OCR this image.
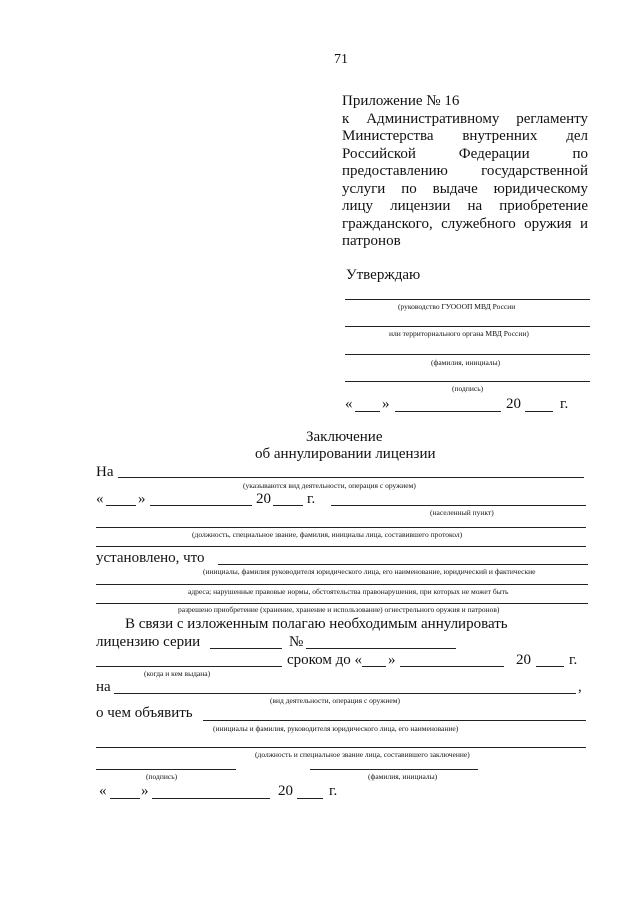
71
Приложение № 16
к Административному регламенту
Министерства внутренних дел
Российской Федерации по
предоставлению государственной
услуги по выдаче юридическому
лицу лицензии на приобретение
гражданского, служебного оружия и
патронов
Утверждаю
(руководство ГУОООП МВД России
или территориального органа МВД России)
(фамилия, инициалы)
(подпись)
« »	20	г.
Заключение
об аннулировании лицензии
На
(указываются вид деятельности, операция с оружием)
« »	20 г.
(населенный пункт)
(должность, специальное звание, фамилия, инициалы лица, составившего протокол)
установлено, что
(инициалы, фамилия руководителя юридического лица, его наименование, юридический и фактические
адреса; нарушенные правовые нормы, обстоятельства правонарушения, при которых не может быть
разрешено приобретение (хранение, хранение и использование) огнестрельного оружия и патронов)
В связи с изложенным полагаю необходимым аннулировать
лицензию серии	№
сроком до « »	20	г.
(когда и кем выдана)
на	,
(вид деятельности, операция с оружием)
о чем объявить
(инициалы и фамилия, руководителя юридического лица, его наименование)
(должность и специальное звание лица, составившего заключение)
(подпись)	(фамилия, инициалы)
« »	20 г.
